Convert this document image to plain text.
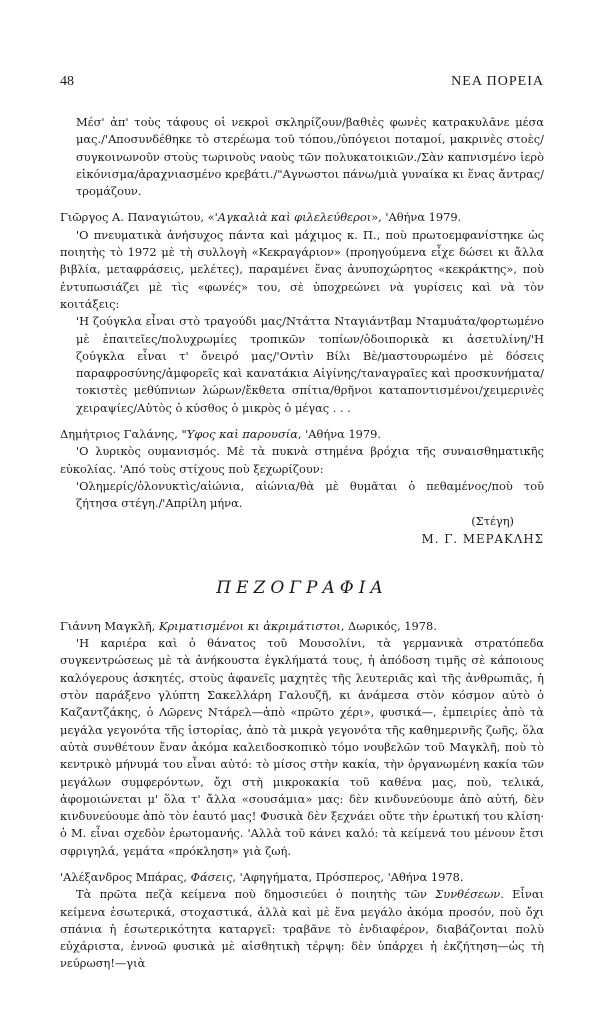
48	ΝΕΑ ΠΟΡΕΙΑ

Μέσ' ἀπ' τοὺς τάφους οἱ νεκροὶ σκληρίζουν/βαθιὲς φωνὲς κατρακυλᾶνε μέσα μας./'Αποσυνδέθηκε τὸ στερέωμα τοῦ τόπου,/ὑπόγειοι ποταμοί, μακρινὲς στοὲς/συγκοινωνοῦν στοὺς τωρινοὺς ναοὺς τῶν πολυκατοικιῶν./Σὰν καπνισμένο ἱερὸ εἰκόνισμα/ἀραχνιασμένο κρεβάτι./"Αγνωστοι πάνω/μιὰ γυναίκα κι ἕνας ἄντρας/τρομάζουν.

Γιῶργος Α. Παναγιώτου, «'Αγκαλιὰ καὶ φιλελεύθεροι», 'Αθήνα 1979.

'Ο πνευματικὰ ἀνήσυχος πάντα καὶ μάχιμος κ. Π., ποὺ πρωτοεμφανίστηκε ὡς ποιητὴς τὸ 1972 μὲ τὴ συλλογὴ «Κεκραγάριον» (προηγούμενα εἶχε δώσει κι ἄλλα βιβλία, μεταφράσεις, μελέτες), παραμένει ἕνας ἀνυποχώρητος «κεκράκτης», ποὺ ἐντυπωσιάζει μὲ τὶς «φωνές» του, σὲ ὑποχρεώνει νὰ γυρίσεις καὶ νὰ τὸν κοιτάξεις:

'Η ζούγκλα εἶναι στὸ τραγούδι μας/Ντάττα Νταγιάντβαμ Νταμυάτα/φορτωμένο μὲ ἐπαιτεῖες/πολυχρωμίες τροπικῶν τοπίων/ὁδοιπορικὰ κι ἀσετυλίνη/'Η ζούγκλα εἶναι τ' ὄνειρό μας/'Οντὶν Βίλι Βὲ/μαστουρωμένο μὲ δόσεις παραφροσύνης/ἀμφορεῖς καὶ κανατάκια Αἰγίνης/ταναγραῖες καὶ προσκυνήματα/τοκιστὲς μεθύπνιων λώρων/ἔκθετα σπίτια/θρῆνοι καταποντισμένοι/χειμερινὲς χειραψίες/Αὐτὸς ὁ κύσθος ὁ μικρὸς ὁ μέγας . . .

Δημήτριος Γαλάνης, "Υφος καὶ παρουσία, 'Αθήνα 1979.

'Ο λυρικὸς ουμανισμός. Μὲ τὰ πυκνὰ στημένα βρόχια τῆς συναισθηματικῆς εὐκολίας. 'Από τοὺς στίχους ποὺ ξεχωρίζουν:

'Ολημερίς/ὁλονυκτὶς/αἰώνια, αἰώνια/θὰ μὲ θυμᾶται ὁ πεθαμένος/ποὺ τοῦ ζήτησα στέγη./'Απρίλη μήνα.
(Στέγη)

Μ. Γ. ΜΕΡΑΚΛΗΣ
ΠΕΖΟΓΡΑΦΙΑ

Γιάννη Μαγκλῆ, Κριματισμένοι κι ἀκριμάτιστοι, Δωρικός, 1978.

'Η καριέρα καὶ ὁ θάνατος τοῦ Μουσολίνι, τὰ γερμανικὰ στρατόπεδα συγκεντρώσεως μὲ τὰ ἀνήκουστα ἐγκλήματά τους, ἡ ἀπόδοση τιμῆς σὲ κάποιους καλόγερους ἀσκητές, στοὺς ἀφανεῖς μαχητὲς τῆς λευτεριᾶς καὶ τῆς ἀνθρωπιᾶς, ἡ στὸν παράξενο γλύπτη Σακελλάρη Γαλουζῆ, κι ἀνάμεσα στὸν κόσμον αὐτὸ ὁ Καζαντζάκης, ὁ Λῶρενς Ντάρελ—ἀπὸ «πρῶτο χέρι», φυσικά—, ἐμπειρίες ἀπὸ τὰ μεγάλα γεγονότα τῆς ἱστορίας, ἀπὸ τὰ μικρὰ γεγονότα τῆς καθημερινῆς ζωῆς, ὅλα αὐτὰ συνθέτουν ἕναν ἀκόμα καλειδοσκοπικὸ τόμο νουβελῶν τοῦ Μαγκλῆ, ποὺ τὸ κεντρικὸ μήνυμά του εἶναι αὐτό: τὸ μίσος στὴν κακία, τὴν ὀργανωμένη κακία τῶν μεγάλων συμφερόντων, ὄχι στὴ μικροκακία τοῦ καθένα μας, ποὺ, τελικά, ἀφομοιώνεται μ' ὅλα τ' ἄλλα «σουσάμια» μας: δὲν κινδυνεύουμε ἀπὸ αὐτή, δὲν κινδυνεύουμε ἀπὸ τὸν ἑαυτό μας! Φυσικὰ δὲν ξεχνάει οὔτε τὴν ἐρωτική του κλίση· ὁ Μ. εἶναι σχεδὸν ἐρωτομανής. 'Αλλὰ τοῦ κάνει καλό: τὰ κείμενά του μένουν ἔτσι σφριγηλά, γεμάτα «πρόκληση» γιὰ ζωή.

'Αλέξανδρος Μπάρας, Φάσεις, 'Αφηγήματα, Πρόσπερος, 'Αθήνα 1978.

Τὰ πρῶτα πεζὰ κείμενα ποὺ δημοσιεύει ὁ ποιητὴς τῶν Συνθέσεων. Εἶναι κείμενα ἐσωτερικά, στοχαστικά, ἀλλὰ καὶ μὲ ἕνα μεγάλο ἀκόμα προσόν, ποὺ ὄχι σπάνια ἡ ἐσωτερικότητα καταργεῖ: τραβᾶνε τὸ ἐνδιαφέρον, διαβάζονται πολὺ εὐχάριστα, ἐννοῶ φυσικὰ μὲ αἰσθητικὴ τέρψη: δὲν ὑπάρχει ἡ ἐκζήτηση—ὡς τὴ νεύρωση!—γιὰ
